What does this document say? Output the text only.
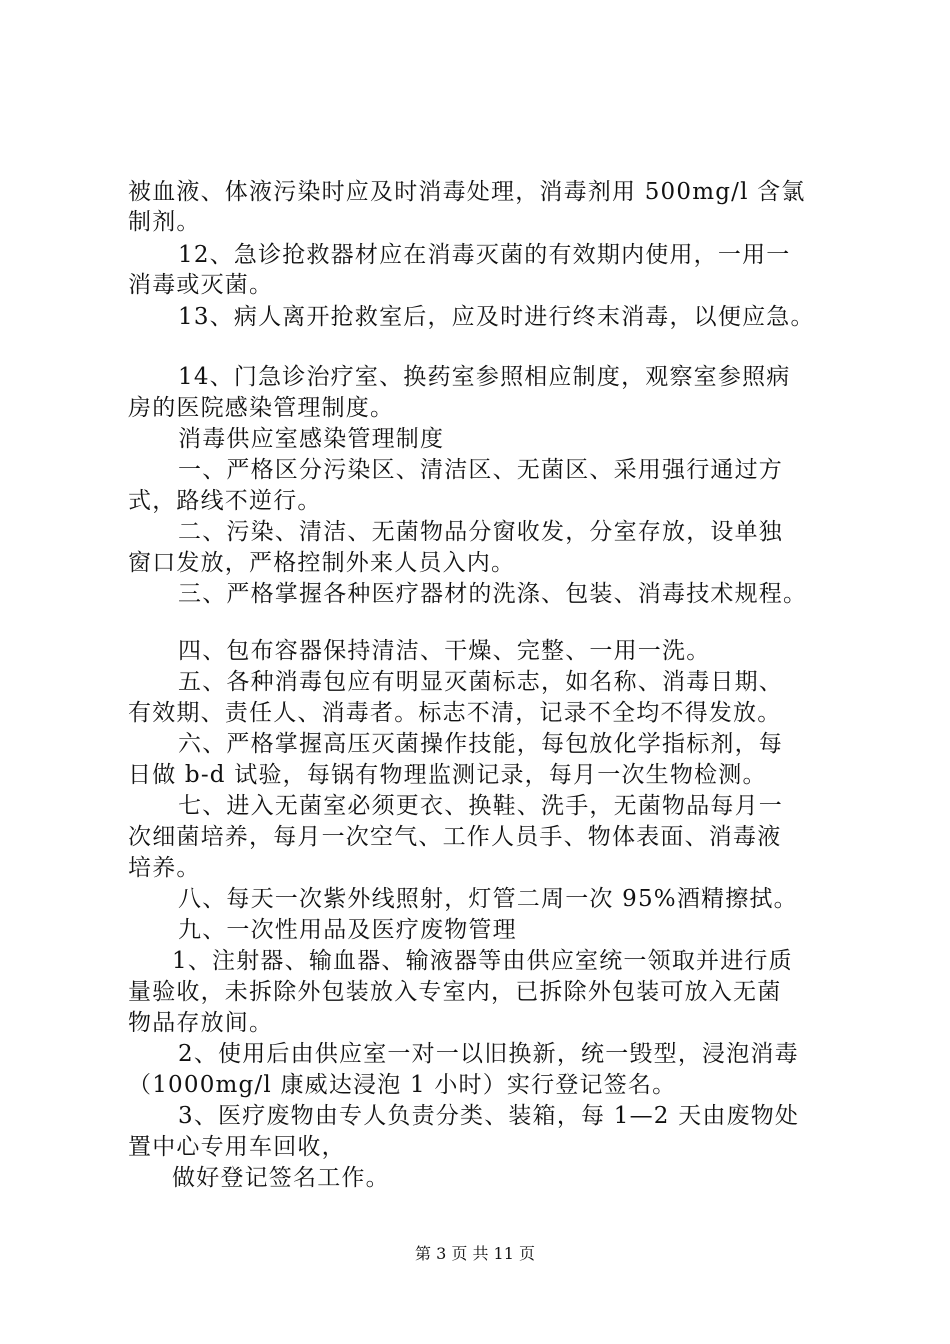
被血液、体液污染时应及时消毒处理，消毒剂用 500mg/l 含氯
制剂。
12、急诊抢救器材应在消毒灭菌的有效期内使用，一用一
消毒或灭菌。
13、病人离开抢救室后，应及时进行终末消毒，以便应急。
14、门急诊治疗室、换药室参照相应制度，观察室参照病
房的医院感染管理制度。
消毒供应室感染管理制度
一、严格区分污染区、清洁区、无菌区、采用强行通过方
式，路线不逆行。
二、污染、清洁、无菌物品分窗收发，分室存放，设单独
窗口发放，严格控制外来人员入内。
三、严格掌握各种医疗器材的洗涤、包装、消毒技术规程。
四、包布容器保持清洁、干燥、完整、一用一洗。
五、各种消毒包应有明显灭菌标志，如名称、消毒日期、
有效期、责任人、消毒者。标志不清，记录不全均不得发放。
六、严格掌握高压灭菌操作技能，每包放化学指标剂，每
日做 b-d 试验，每锅有物理监测记录，每月一次生物检测。
七、进入无菌室必须更衣、换鞋、洗手，无菌物品每月一
次细菌培养，每月一次空气、工作人员手、物体表面、消毒液
培养。
八、每天一次紫外线照射，灯管二周一次 95%酒精擦拭。
九、一次性用品及医疗废物管理
1、注射器、输血器、输液器等由供应室统一领取并进行质
量验收，未拆除外包装放入专室内，已拆除外包装可放入无菌
物品存放间。
2、使用后由供应室一对一以旧换新，统一毁型，浸泡消毒
（1000mg/l 康威达浸泡 1 小时）实行登记签名。
3、医疗废物由专人负责分类、装箱，每 1—2 天由废物处
置中心专用车回收，
做好登记签名工作。
第 3 页 共 11 页
